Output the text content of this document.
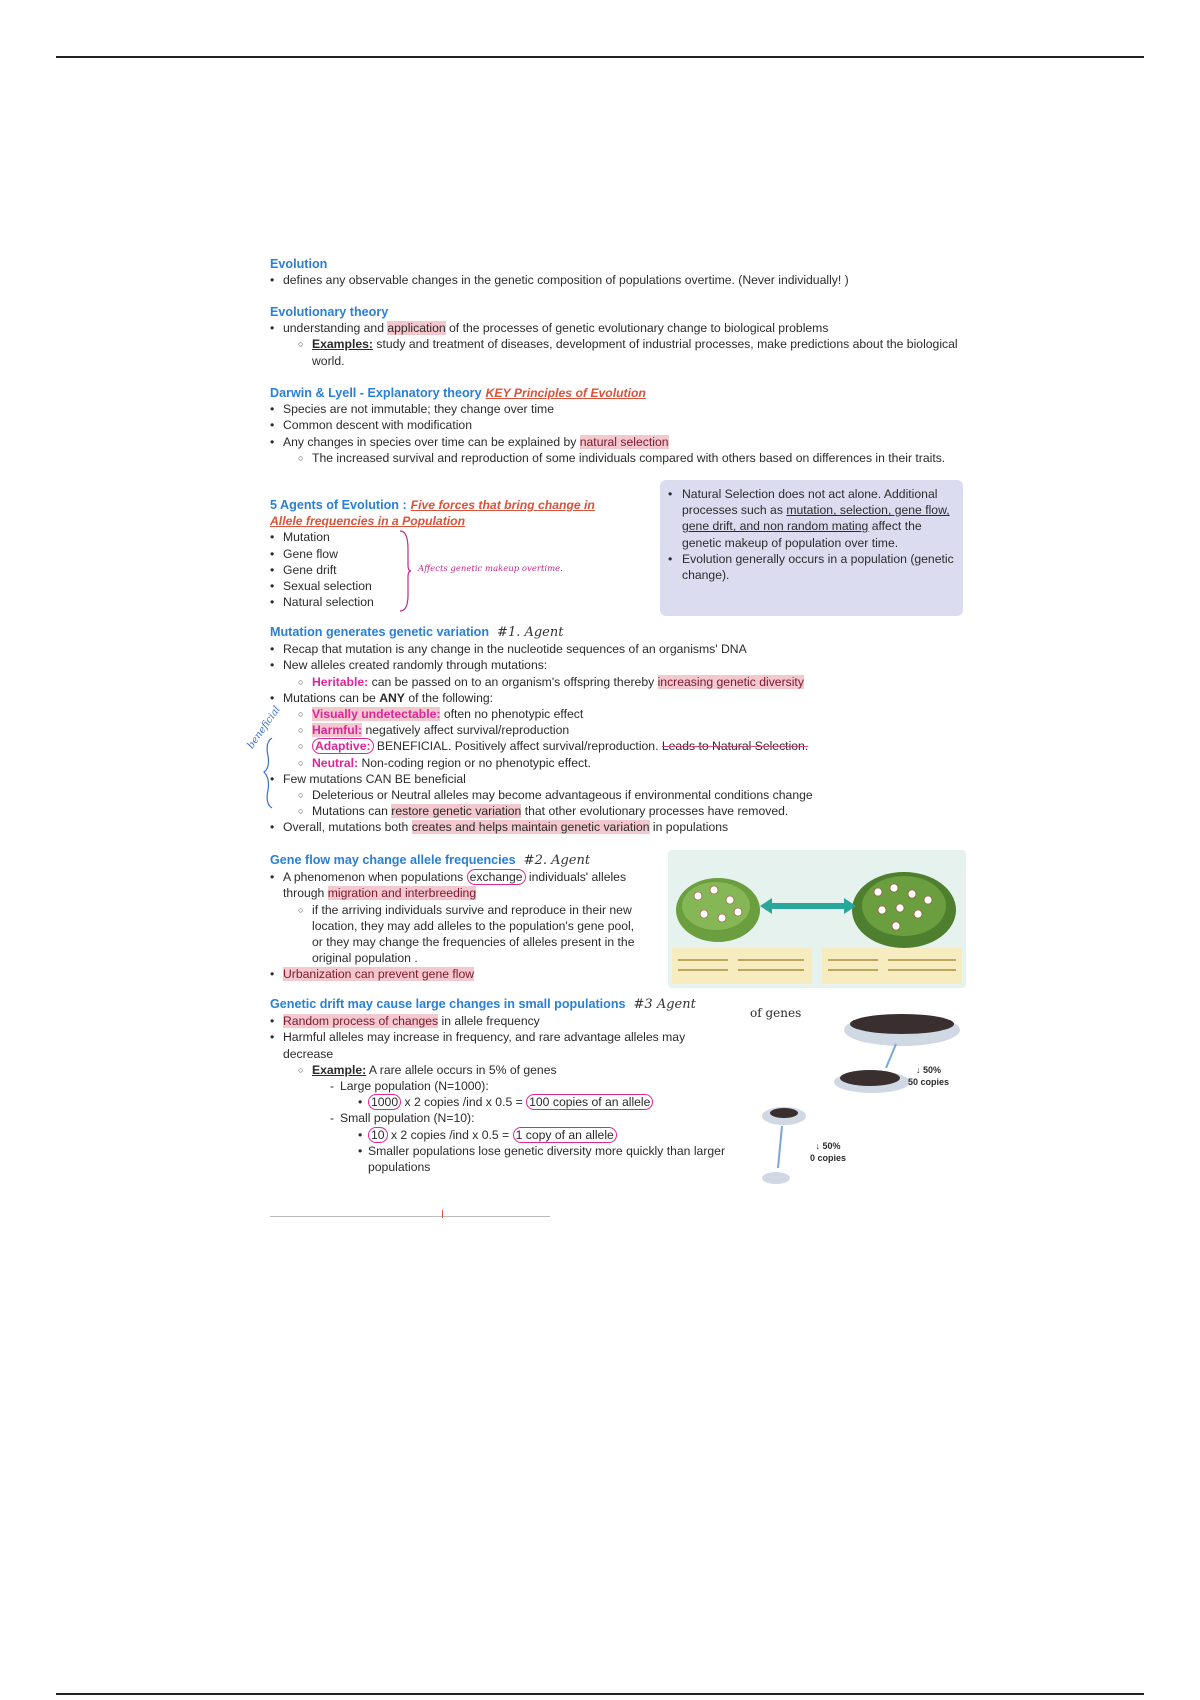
Evolution
• defines any observable changes in the genetic composition of populations overtime. (Never individually! )
Evolutionary theory
• understanding and application of the processes of genetic evolutionary change to biological problems
○ Examples: study and treatment of diseases, development of industrial processes, make predictions about the biological world.
Darwin & Lyell - Explanatory theory KEY Principles of Evolution
• Species are not immutable; they change over time
• Common descent with modification
• Any changes in species over time can be explained by natural selection
○ The increased survival and reproduction of some individuals compared with others based on differences in their traits.
5 Agents of Evolution : Five forces that bring change in Allele frequencies in a Population
• Mutation
• Gene flow
• Gene drift
• Sexual selection
• Natural selection
Affects genetic makeup overtime.
Mutation generates genetic variation #1. Agent
• Recap that mutation is any change in the nucleotide sequences of an organisms' DNA
• New alleles created randomly through mutations:
○ Heritable: can be passed on to an organism's offspring thereby increasing genetic diversity
• Mutations can be ANY of the following:
○ Visually undetectable: often no phenotypic effect
○ Harmful: negatively affect survival/reproduction
○ Adaptive: BENEFICIAL. Positively affect survival/reproduction. Leads to Natural Selection.
○ Neutral: Non-coding region or no phenotypic effect.
• Few mutations CAN BE beneficial
○ Deleterious or Neutral alleles may become advantageous if environmental conditions change
○ Mutations can restore genetic variation that other evolutionary processes have removed.
• Overall, mutations both creates and helps maintain genetic variation in populations
beneficial
Gene flow may change allele frequencies #2. Agent
• A phenomenon when populations exchange individuals' alleles through migration and interbreeding
○ if the arriving individuals survive and reproduce in their new location, they may add alleles to the population's gene pool, or they may change the frequencies of alleles present in the original population .
• Urbanization can prevent gene flow
Genetic drift may cause large changes in small populations #3 Agent
• Random process of changes in allele frequency
• Harmful alleles may increase in frequency, and rare advantage alleles may decrease
○ Example: A rare allele occurs in 5% of genes
- Large population (N=1000):
• 1000 x 2 copies /ind x 0.5 = 100 copies of an allele
- Small population (N=10):
• 10 x 2 copies /ind x 0.5 = 1 copy of an allele
• Smaller populations lose genetic diversity more quickly than larger populations
• Natural Selection does not act alone. Additional processes such as mutation, selection, gene flow, gene drift, and non random mating affect the genetic makeup of population over time.
• Evolution generally occurs in a population (genetic change).
of genes
↓ 50%
50 copies
↓ 50%
0 copies
